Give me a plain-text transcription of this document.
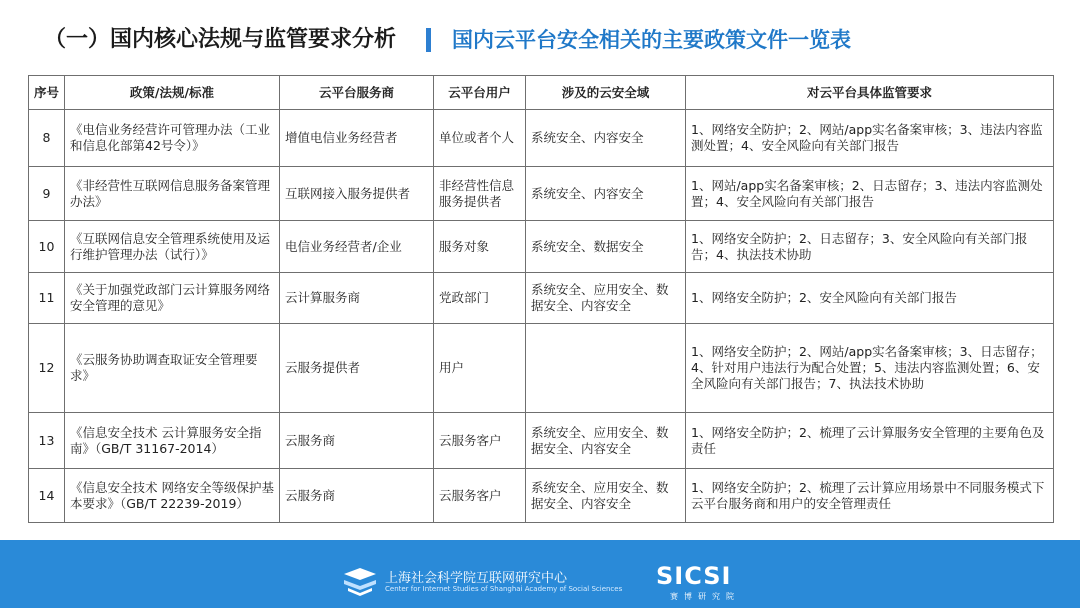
（一）国内核心法规与监管要求分析	国内云平台安全相关的主要政策文件一览表
序号	政策/法规/标准	云平台服务商	云平台用户	涉及的云安全域	对云平台具体监管要求
8	《电信业务经营许可管理办法（工业和信息化部第42号令）》	增值电信业务经营者	单位或者个人	系统安全、内容安全	1、网络安全防护；2、网站/app实名备案审核；3、违法内容监测处置；4、安全风险向有关部门报告
9	《非经营性互联网信息服务备案管理办法》	互联网接入服务提供者	非经营性信息服务提供者	系统安全、内容安全	1、网站/app实名备案审核；2、日志留存；3、违法内容监测处置；4、安全风险向有关部门报告
10	《互联网信息安全管理系统使用及运行维护管理办法（试行）》	电信业务经营者/企业	服务对象	系统安全、数据安全	1、网络安全防护；2、日志留存；3、安全风险向有关部门报告；4、执法技术协助
11	《关于加强党政部门云计算服务网络安全管理的意见》	云计算服务商	党政部门	系统安全、应用安全、数据安全、内容安全	1、网络安全防护；2、安全风险向有关部门报告
12	《云服务协助调查取证安全管理要求》	云服务提供者	用户		1、网络安全防护；2、网站/app实名备案审核；3、日志留存；4、针对用户违法行为配合处置；5、违法内容监测处置；6、安全风险向有关部门报告；7、执法技术协助
13	《信息安全技术 云计算服务安全指南》（GB/T 31167-2014）	云服务商	云服务客户	系统安全、应用安全、数据安全、内容安全	1、网络安全防护；2、梳理了云计算服务安全管理的主要角色及责任
14	《信息安全技术 网络安全等级保护基本要求》（GB/T 22239-2019）	云服务商	云服务客户	系统安全、应用安全、数据安全、内容安全	1、网络安全防护；2、梳理了云计算应用场景中不同服务模式下云平台服务商和用户的安全管理责任
上海社会科学院互联网研究中心
Center for Internet Studies of Shanghai Academy of Social Sciences SICSI
赛博研究院
